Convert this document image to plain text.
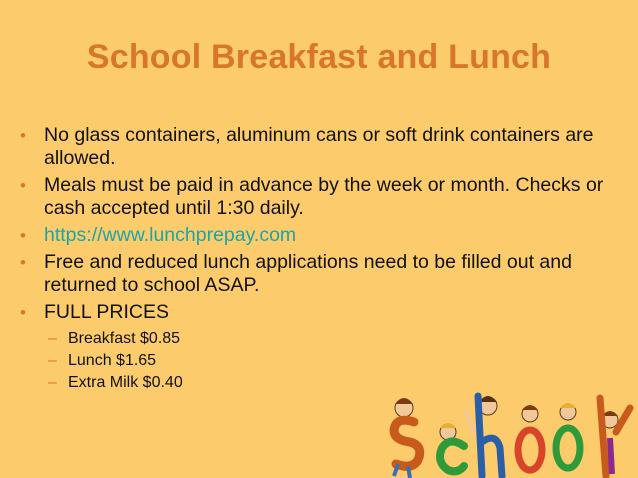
School Breakfast and Lunch
• No glass containers, aluminum cans or soft drink containers are allowed.
• Meals must be paid in advance by the week or month. Checks or cash accepted until 1:30 daily.
• https://www.lunchprepay.com
• Free and reduced lunch applications need to be filled out and returned to school ASAP.
• FULL PRICES
– Breakfast $0.85
– Lunch $1.65
– Extra Milk $0.40
